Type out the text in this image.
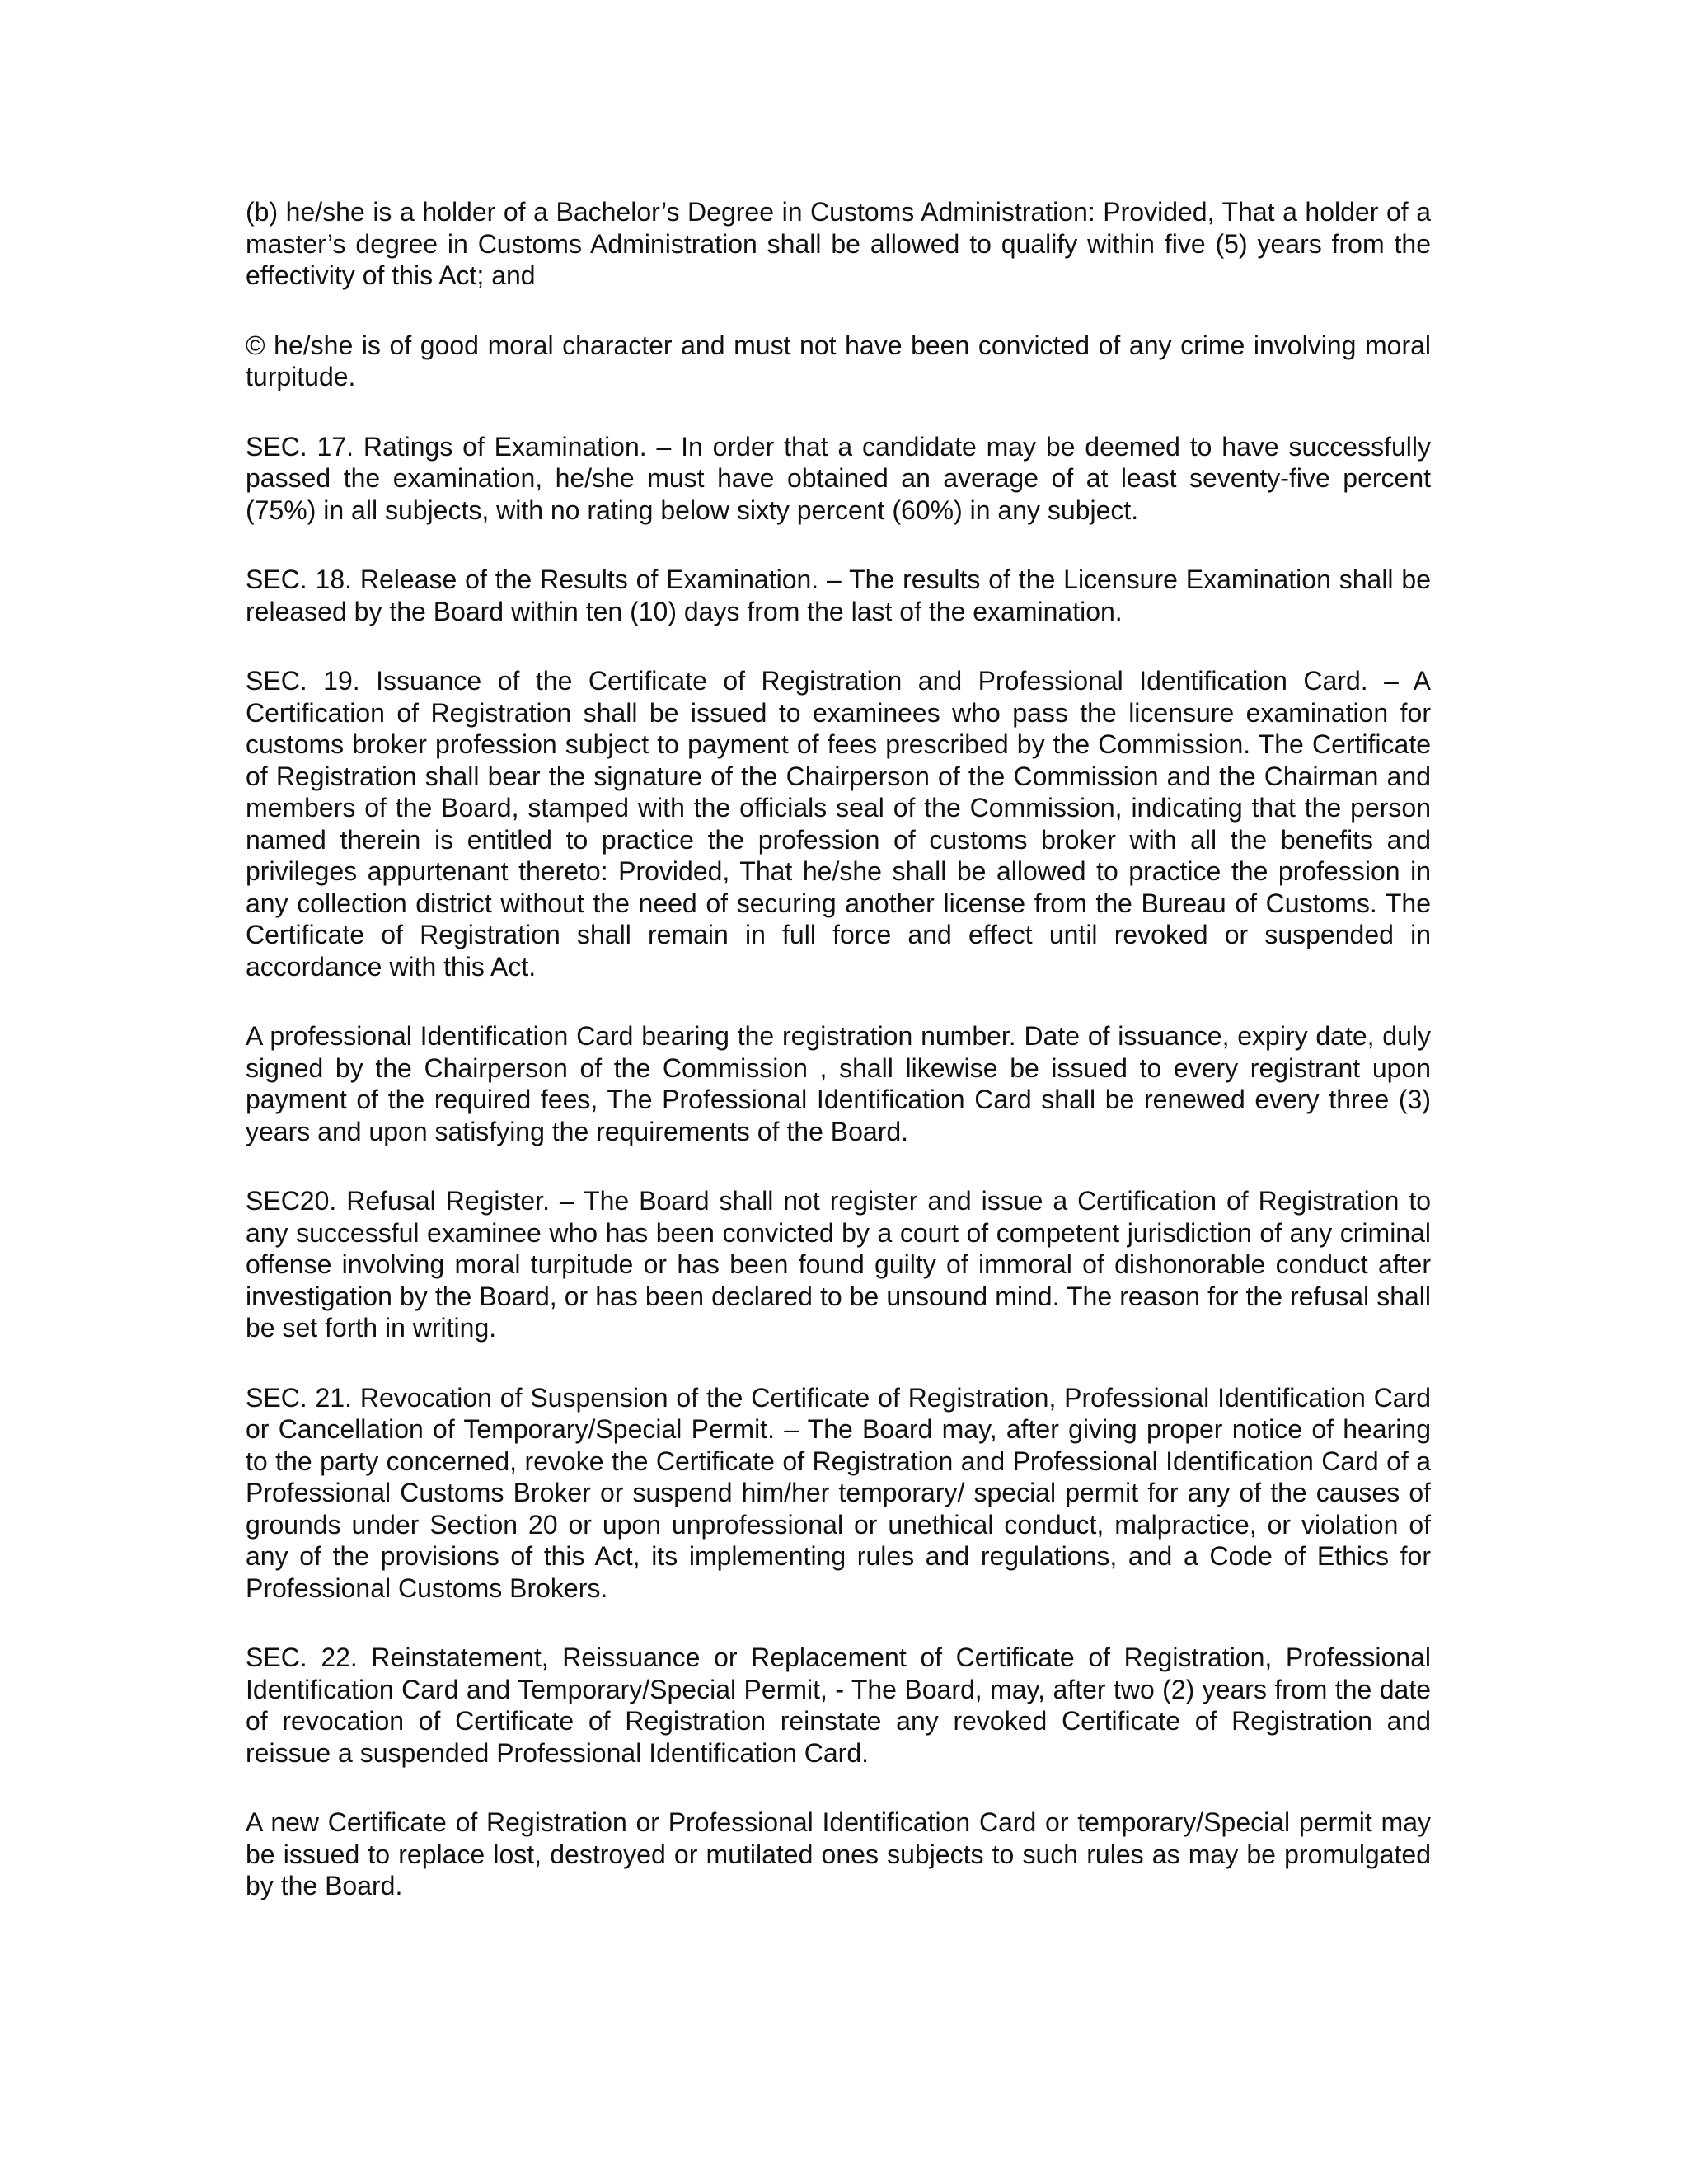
(b) he/she is a holder of a Bachelor’s Degree in Customs Administration: Provided, That a holder of a master’s degree in Customs Administration shall be allowed to qualify within five (5) years from the effectivity of this Act; and

© he/she is of good moral character and must not have been convicted of any crime involving moral turpitude.

SEC. 17. Ratings of Examination. – In order that a candidate may be deemed to have successfully passed the examination, he/she must have obtained an average of at least seventy-five percent (75%) in all subjects, with no rating below sixty percent (60%) in any subject.

SEC. 18. Release of the Results of Examination. – The results of the Licensure Examination shall be released by the Board within ten (10) days from the last of the examination.

SEC. 19. Issuance of the Certificate of Registration and Professional Identification Card. – A Certification of Registration shall be issued to examinees who pass the licensure examination for customs broker profession subject to payment of fees prescribed by the Commission. The Certificate of Registration shall bear the signature of the Chairperson of the Commission and the Chairman and members of the Board, stamped with the officials seal of the Commission, indicating that the person named therein is entitled to practice the profession of customs broker with all the benefits and privileges appurtenant thereto: Provided, That he/she shall be allowed to practice the profession in any collection district without the need of securing another license from the Bureau of Customs. The Certificate of Registration shall remain in full force and effect until revoked or suspended in accordance with this Act.

A professional Identification Card bearing the registration number. Date of issuance, expiry date, duly signed by the Chairperson of the Commission , shall likewise be issued to every registrant upon payment of the required fees, The Professional Identification Card shall be renewed every three (3) years and upon satisfying the requirements of the Board.

SEC20. Refusal Register. – The Board shall not register and issue a Certification of Registration to any successful examinee who has been convicted by a court of competent jurisdiction of any criminal offense involving moral turpitude or has been found guilty of immoral of dishonorable conduct after investigation by the Board, or has been declared to be unsound mind. The reason for the refusal shall be set forth in writing.

SEC. 21. Revocation of Suspension of the Certificate of Registration, Professional Identification Card or Cancellation of Temporary/Special Permit. – The Board may, after giving proper notice of hearing to the party concerned, revoke the Certificate of Registration and Professional Identification Card of a Professional Customs Broker or suspend him/her temporary/ special permit for any of the causes of grounds under Section 20 or upon unprofessional or unethical conduct, malpractice, or violation of any of the provisions of this Act, its implementing rules and regulations, and a Code of Ethics for Professional Customs Brokers.

SEC. 22. Reinstatement, Reissuance or Replacement of Certificate of Registration, Professional Identification Card and Temporary/Special Permit, - The Board, may, after two (2) years from the date of revocation of Certificate of Registration reinstate any revoked Certificate of Registration and reissue a suspended Professional Identification Card.

A new Certificate of Registration or Professional Identification Card or temporary/Special permit may be issued to replace lost, destroyed or mutilated ones subjects to such rules as may be promulgated by the Board.
